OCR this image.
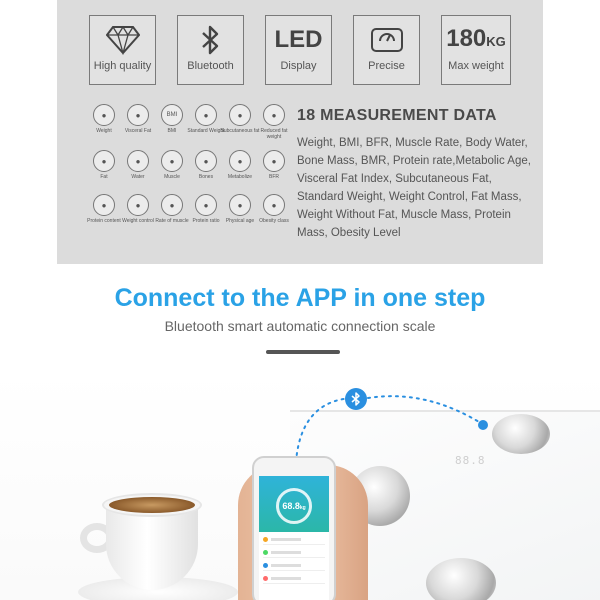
High quality	Bluetooth
LED
Display	Precise
180KG
Max weight
●
Weight
●
Visceral Fat
BMI
BMI
●
Standard Weight
●
Subcutaneous fat
●
Reduced fat weight
●
Fat
●
Water
●
Muscle
●
Bones
●
Metabolize
●
BFR
●
Protein content
●
Weight control
●
Rate of muscle
●
Protein ratio
●
Physical age
●
Obesity class
18 MEASUREMENT DATA
Weight, BMI, BFR, Muscle Rate, Body Water, Bone Mass, BMR, Protein rate,Metabolic Age, Visceral Fat Index, Subcutaneous Fat, Standard Weight, Weight Control, Fat Mass, Weight Without Fat, Muscle Mass, Protein Mass, Obesity Level
Connect to the APP in one step
Bluetooth smart automatic connection scale
88.8
68.8kg
